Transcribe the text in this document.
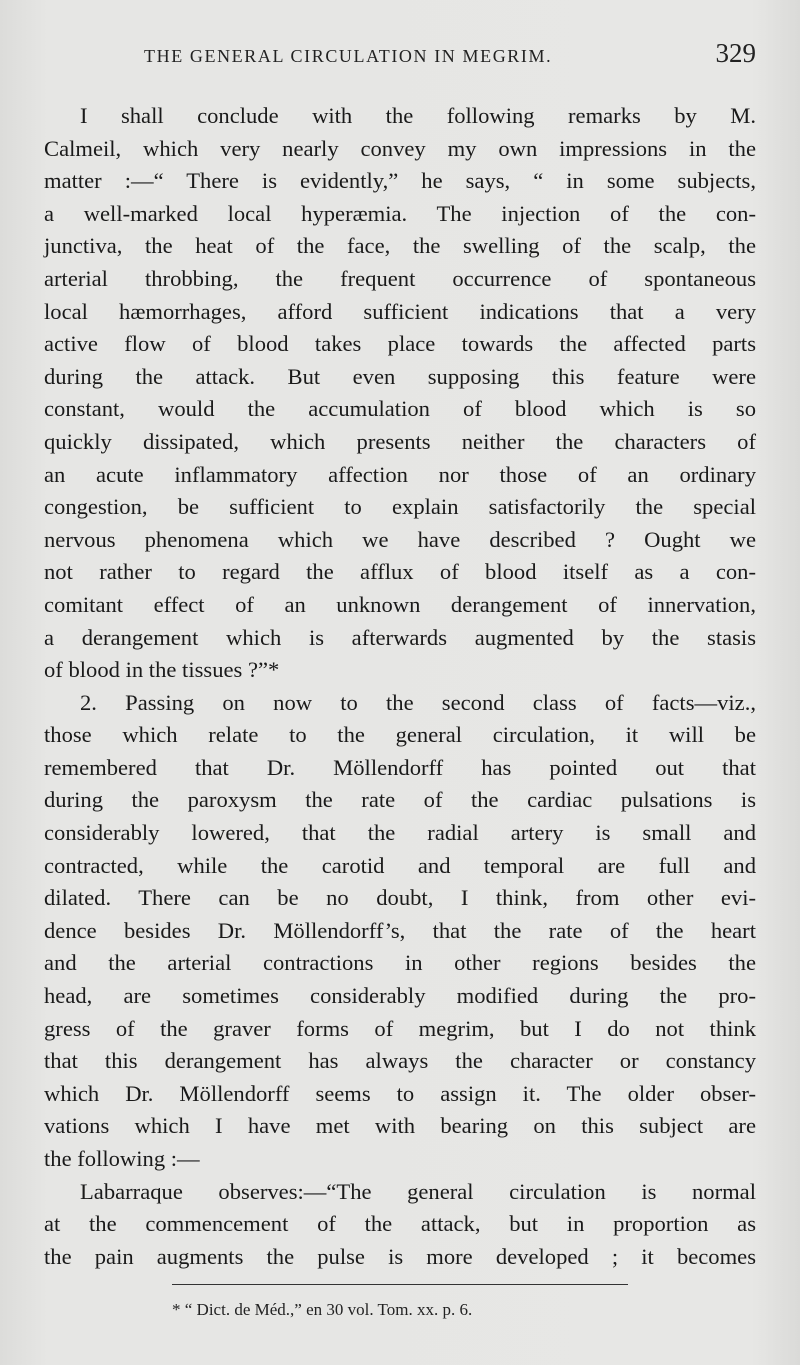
THE GENERAL CIRCULATION IN MEGRIM.	329
I shall conclude with the following remarks by M.
Calmeil, which very nearly convey my own impressions in the
matter :—“ There is evidently,” he says, “ in some subjects,
a well-marked local hyperæmia. The injection of the con-
junctiva, the heat of the face, the swelling of the scalp, the
arterial throbbing, the frequent occurrence of spontaneous
local hæmorrhages, afford sufficient indications that a very
active flow of blood takes place towards the affected parts
during the attack. But even supposing this feature were
constant, would the accumulation of blood which is so
quickly dissipated, which presents neither the characters of
an acute inflammatory affection nor those of an ordinary
congestion, be sufficient to explain satisfactorily the special
nervous phenomena which we have described ? Ought we
not rather to regard the afflux of blood itself as a con-
comitant effect of an unknown derangement of innervation,
a derangement which is afterwards augmented by the stasis
of blood in the tissues ?”*
2. Passing on now to the second class of facts—viz.,
those which relate to the general circulation, it will be
remembered that Dr. Möllendorff has pointed out that
during the paroxysm the rate of the cardiac pulsations is
considerably lowered, that the radial artery is small and
contracted, while the carotid and temporal are full and
dilated. There can be no doubt, I think, from other evi-
dence besides Dr. Möllendorff’s, that the rate of the heart
and the arterial contractions in other regions besides the
head, are sometimes considerably modified during the pro-
gress of the graver forms of megrim, but I do not think
that this derangement has always the character or constancy
which Dr. Möllendorff seems to assign it. The older obser-
vations which I have met with bearing on this subject are
the following :—
Labarraque observes:—“The general circulation is normal
at the commencement of the attack, but in proportion as
the pain augments the pulse is more developed ; it becomes
* “ Dict. de Méd.,” en 30 vol. Tom. xx. p. 6.
